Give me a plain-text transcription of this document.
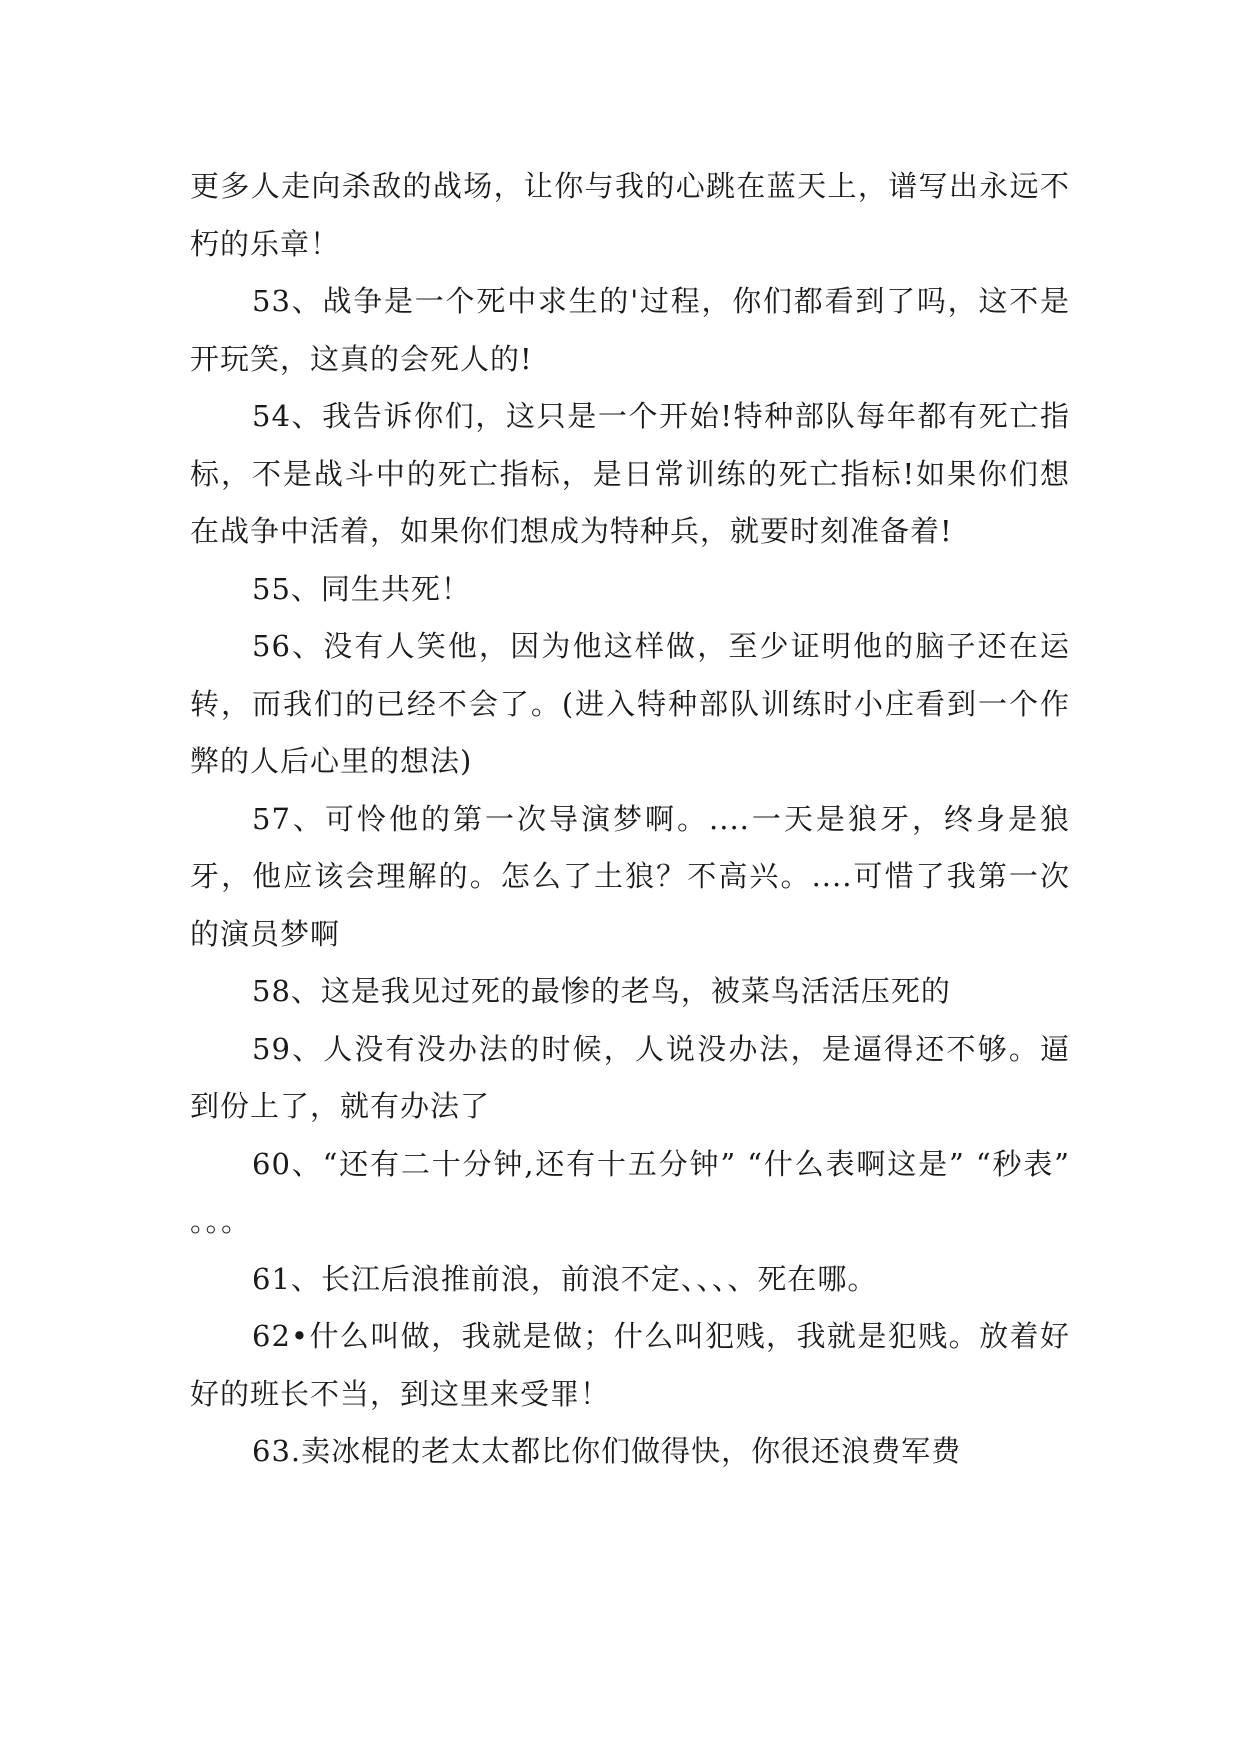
更多人走向杀敌的战场，让你与我的心跳在蓝天上，谱写出永远不朽的乐章！

53、战争是一个死中求生的'过程，你们都看到了吗，这不是开玩笑，这真的会死人的!

54、我告诉你们，这只是一个开始!特种部队每年都有死亡指标，不是战斗中的死亡指标，是日常训练的死亡指标!如果你们想在战争中活着，如果你们想成为特种兵，就要时刻准备着!

55、同生共死！

56、没有人笑他，因为他这样做，至少证明他的脑子还在运转，而我们的已经不会了。(进入特种部队训练时小庄看到一个作弊的人后心里的想法)

57、可怜他的第一次导演梦啊。....一天是狼牙，终身是狼牙，他应该会理解的。怎么了土狼？不高兴。....可惜了我第一次的演员梦啊

58、这是我见过死的最惨的老鸟，被菜鸟活活压死的

59、人没有没办法的时候，人说没办法，是逼得还不够。逼到份上了，就有办法了

60、“还有二十分钟,还有十五分钟” “什么表啊这是” “秒表” 。。。

61、长江后浪推前浪，前浪不定、、、、死在哪。

62•什么叫做，我就是做；什么叫犯贱，我就是犯贱。放着好好的班长不当，到这里来受罪！

63.卖冰棍的老太太都比你们做得快，你很还浪费军费
